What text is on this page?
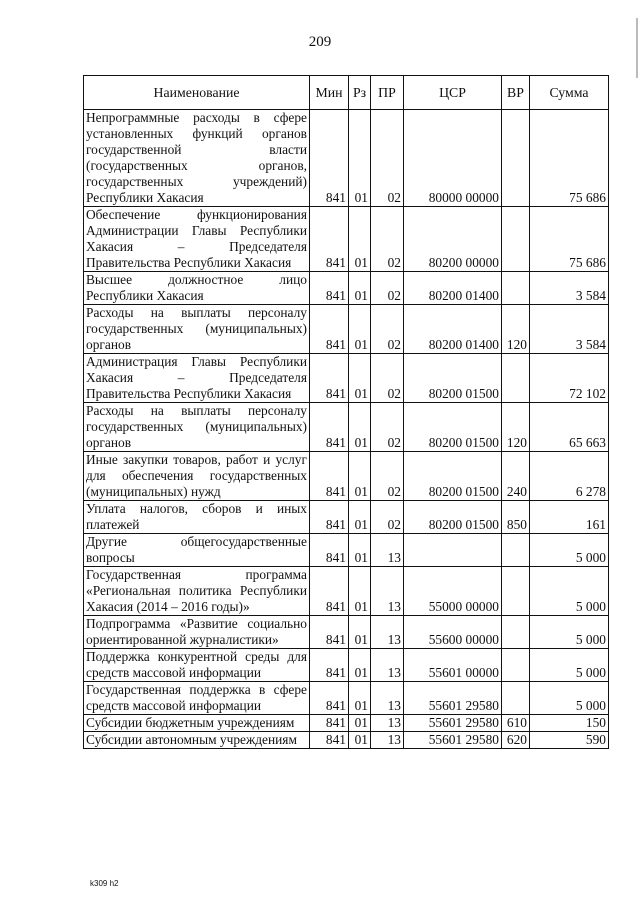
209
Наименование	Мин	Рз	ПР	ЦСР	ВР	Сумма
Непрограммные расходы в сфере установленных функций органов государственной власти (государственных органов, государственных учреждений) Республики Хакасия	841	01	02	80000 00000		75 686
Обеспечение функционирования Администрации Главы Республики Хакасия – Председателя Правительства Республики Хакасия	841	01	02	80200 00000		75 686
Высшее должностное лицо Республики Хакасия	841	01	02	80200 01400		3 584
Расходы на выплаты персоналу государственных (муниципальных) органов	841	01	02	80200 01400	120	3 584
Администрация Главы Республики Хакасия – Председателя Правительства Республики Хакасия	841	01	02	80200 01500		72 102
Расходы на выплаты персоналу государственных (муниципальных) органов	841	01	02	80200 01500	120	65 663
Иные закупки товаров, работ и услуг для обеспечения государственных (муниципальных) нужд	841	01	02	80200 01500	240	6 278
Уплата налогов, сборов и иных платежей	841	01	02	80200 01500	850	161
Другие общегосударственные вопросы	841	01	13			5 000
Государственная программа «Региональная политика Республики Хакасия (2014 – 2016 годы)»	841	01	13	55000 00000		5 000
Подпрограмма «Развитие социально ориентированной журналистики»	841	01	13	55600 00000		5 000
Поддержка конкурентной среды для средств массовой информации	841	01	13	55601 00000		5 000
Государственная поддержка в сфере средств массовой информации	841	01	13	55601 29580		5 000
Субсидии бюджетным учреждениям	841	01	13	55601 29580	610	150
Субсидии автономным учреждениям	841	01	13	55601 29580	620	590
k309 h2
